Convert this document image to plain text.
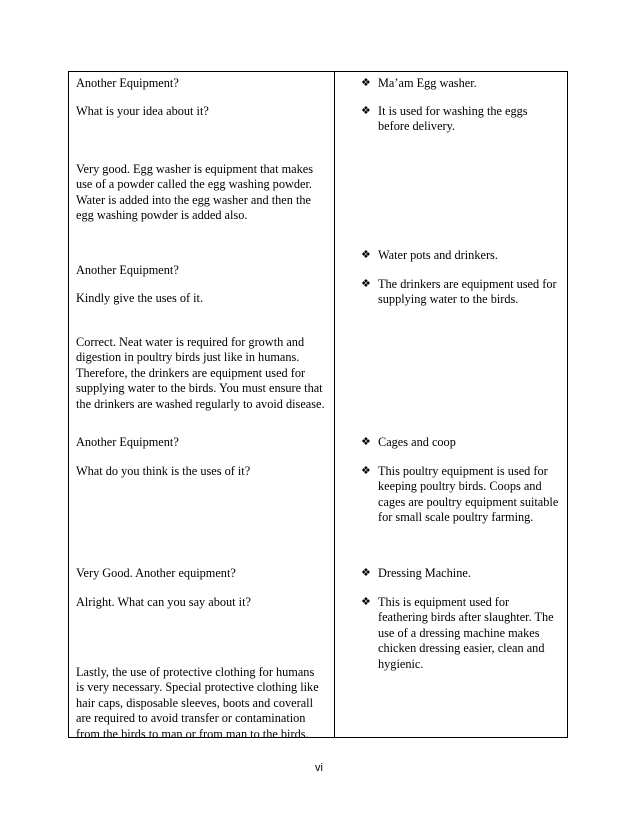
Another Equipment?
What is your idea about it?
Very good. Egg washer is equipment that makes
use of a powder called the egg washing powder.
Water is added into the egg washer and then the
egg washing powder is added also.
Another Equipment?
Kindly give the uses of it.
Correct. Neat water is required for growth and
digestion in poultry birds just like in humans.
Therefore, the drinkers are equipment used for
supplying water to the birds. You must ensure that
the drinkers are washed regularly to avoid disease.
Another Equipment?
What do you think is the uses of it?
Very Good. Another equipment?
Alright. What can you say about it?
Lastly, the use of protective clothing for humans
is very necessary. Special protective clothing like
hair caps, disposable sleeves, boots and coverall
are required to avoid transfer or contamination
from the birds to man or from man to the birds.
❖ Ma’am Egg washer.
❖ It is used for washing the eggs
before delivery.
❖ Water pots and drinkers.
❖ The drinkers are equipment used for
supplying water to the birds.
❖ Cages and coop
❖ This poultry equipment is used for
keeping poultry birds. Coops and
cages are poultry equipment suitable
for small scale poultry farming.
❖ Dressing Machine.
❖ This is equipment used for
feathering birds after slaughter. The
use of a dressing machine makes
chicken dressing easier, clean and
hygienic.
vi
